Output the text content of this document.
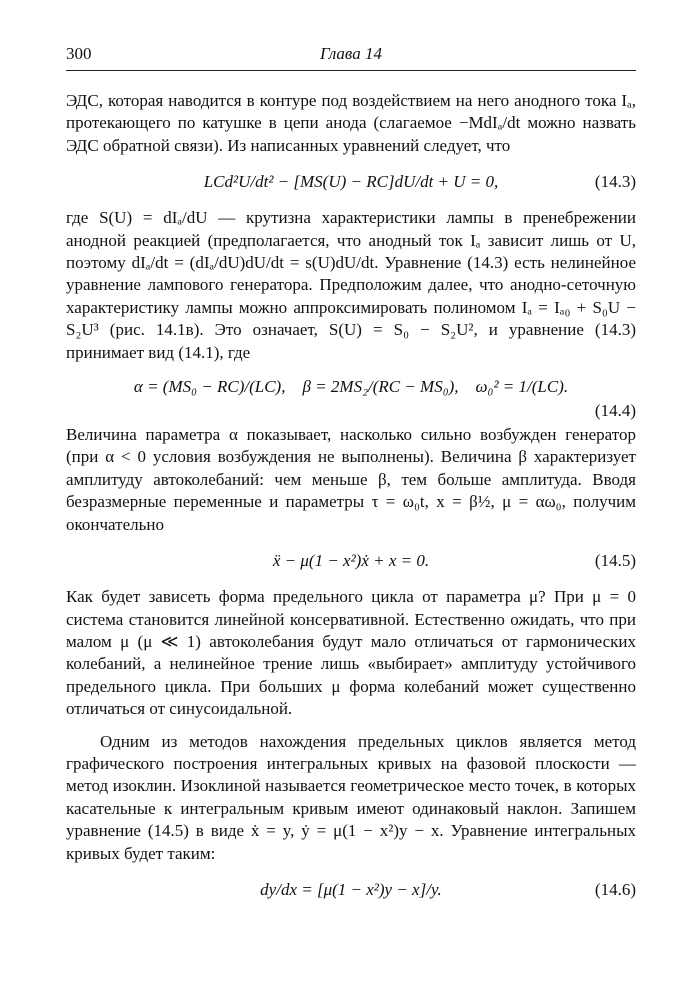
300	Глава 14

ЭДС, которая наводится в контуре под воздействием на него анодного тока Iₐ, протекающего по катушке в цепи анода (слагаемое −MdIₐ/dt можно назвать ЭДС обратной связи). Из написанных уравнений следует, что

LCd²U/dt² − [MS(U) − RC]dU/dt + U = 0,	(14.3)

где S(U) = dIₐ/dU — крутизна характеристики лампы в пренебрежении анодной реакцией (предполагается, что анодный ток Iₐ зависит лишь от U, поэтому dIₐ/dt = (dIₐ/dU)dU/dt = s(U)dU/dt. Уравнение (14.3) есть нелинейное уравнение лампового генератора. Предположим далее, что анодно-сеточную характеристику лампы можно аппроксимировать полиномом Iₐ = Iₐ₀ + S₀U − S₂U³ (рис. 14.1в). Это означает, S(U) = S₀ − S₂U², и уравнение (14.3) принимает вид (14.1), где

α = (MS₀ − RC)/(LC),    β = 2MS₂/(RC − MS₀),    ω₀² = 1/(LC).
(14.4)

Величина параметра α показывает, насколько сильно возбужден генератор (при α < 0 условия возбуждения не выполнены). Величина β характеризует амплитуду автоколебаний: чем меньше β, тем больше амплитуда. Вводя безразмерные переменные и параметры τ = ω₀t, x = β½, μ = αω₀, получим окончательно

ẍ − μ(1 − x²)ẋ + x = 0.	(14.5)

Как будет зависеть форма предельного цикла от параметра μ? При μ = 0 система становится линейной консервативной. Естественно ожидать, что при малом μ (μ ≪ 1) автоколебания будут мало отличаться от гармонических колебаний, а нелинейное трение лишь «выбирает» амплитуду устойчивого предельного цикла. При больших μ форма колебаний может существенно отличаться от синусоидальной.

Одним из методов нахождения предельных циклов является метод графического построения интегральных кривых на фазовой плоскости — метод изоклин. Изоклиной называется геометрическое место точек, в которых касательные к интегральным кривым имеют одинаковый наклон. Запишем уравнение (14.5) в виде ẋ = y, ẏ = μ(1 − x²)y − x. Уравнение интегральных кривых будет таким:

dy/dx = [μ(1 − x²)y − x]/y.	(14.6)
